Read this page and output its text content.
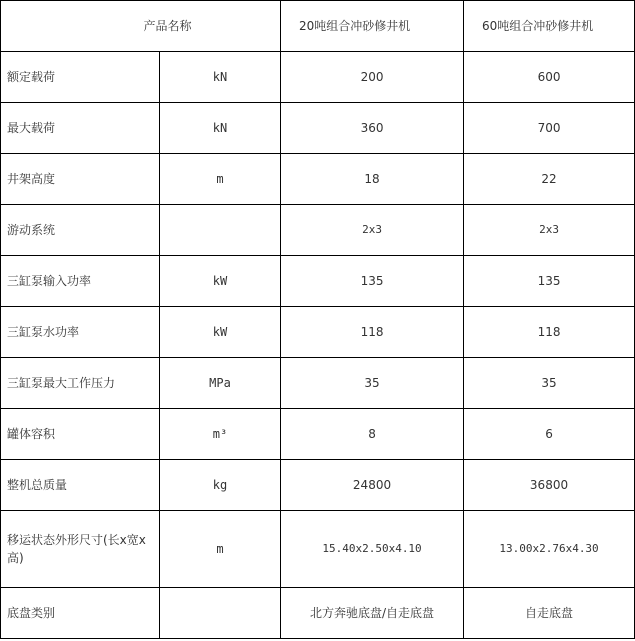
产品名称		20吨组合冲砂修井机	60吨组合冲砂修井机
额定载荷	kN	200	600
最大载荷	kN	360	700
井架高度	m	18	22
游动系统		2x3	2x3
三缸泵输入功率	kW	135	135
三缸泵水功率	kW	118	118
三缸泵最大工作压力	MPa	35	35
罐体容积	m³	8	6
整机总质量	kg	24800	36800
移运状态外形尺寸(长x宽x高)	m	15.40x2.50x4.10	13.00x2.76x4.30
底盘类别		北方奔驰底盘/自走底盘	自走底盘
